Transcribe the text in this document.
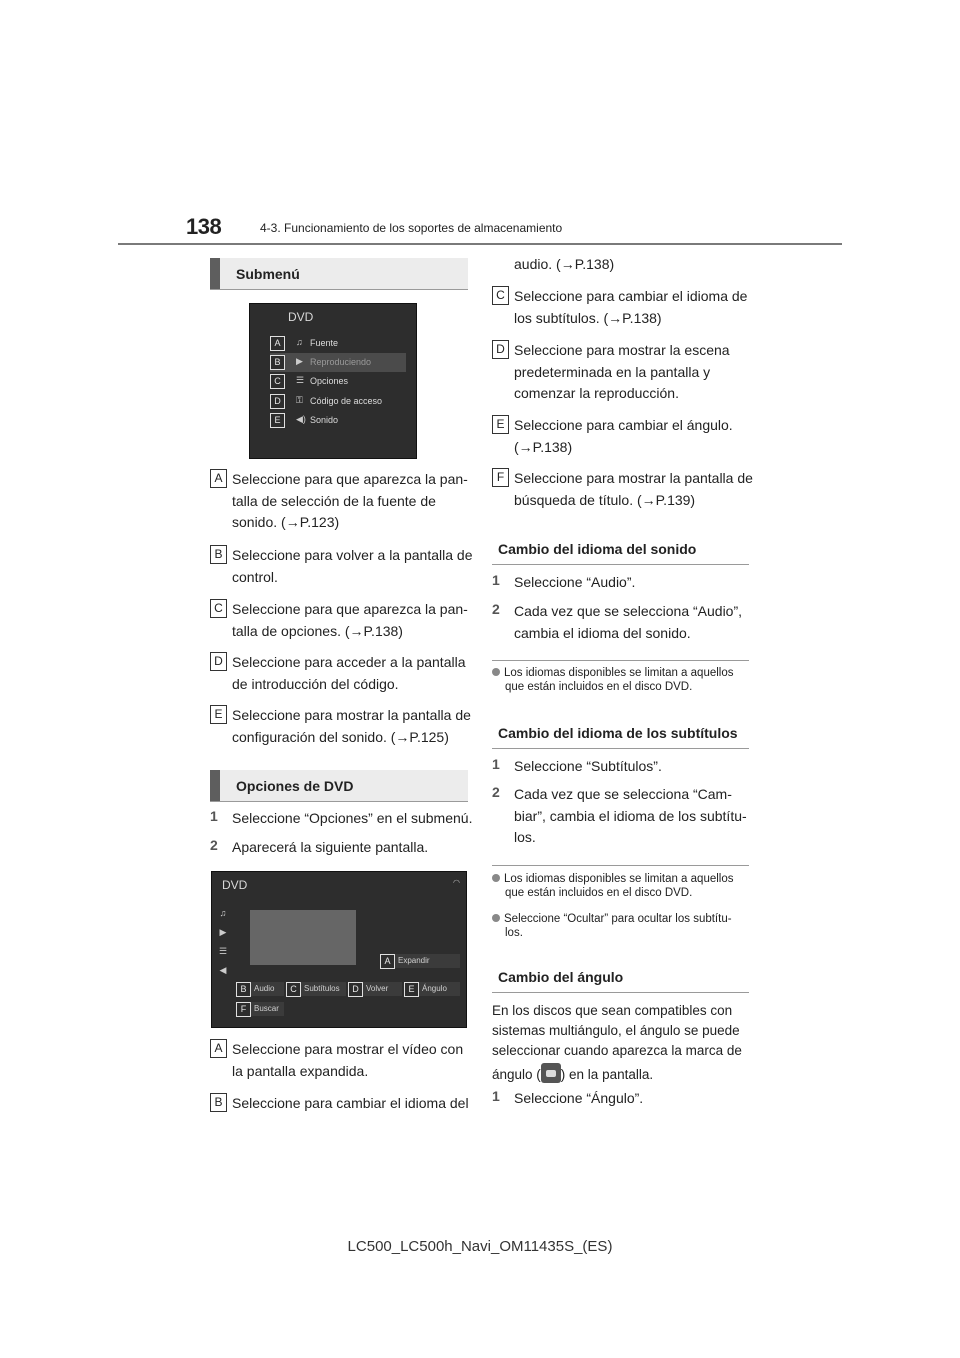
138	4-3. Funcionamiento de los soportes de almacenamiento
Submenú
DVD
A	♫ Fuente
B	▶ Reproduciendo
C	☰ Opciones
D	⚿ Código de acceso
E	◀) Sonido
A Seleccione para que aparezca la pan-
talla de selección de la fuente de
sonido. (→P.123)
B Seleccione para volver a la pantalla de
control.
C Seleccione para que aparezca la pan-
talla de opciones. (→P.138)
D Seleccione para acceder a la pantalla
de introducción del código.
E Seleccione para mostrar la pantalla de
configuración del sonido. (→P.125)
Opciones de DVD
1 Seleccione “Opciones” en el submenú.
2 Aparecerá la siguiente pantalla.
DVD	◠
♫
▶
☰
◀
A Expandir
B Audio	C Subtítulos	D Volver	E Ángulo
F Buscar
A Seleccione para mostrar el vídeo con
la pantalla expandida.
B Seleccione para cambiar el idioma del
audio. (→P.138)
C Seleccione para cambiar el idioma de
los subtítulos. (→P.138)
D Seleccione para mostrar la escena
predeterminada en la pantalla y
comenzar la reproducción.
E Seleccione para cambiar el ángulo.
(→P.138)
F Seleccione para mostrar la pantalla de
búsqueda de título. (→P.139)
Cambio del idioma del sonido
1 Seleccione “Audio”.
2 Cada vez que se selecciona “Audio”,
cambia el idioma del sonido.
Los idiomas disponibles se limitan a aquellos
que están incluidos en el disco DVD.
Cambio del idioma de los subtítulos
1 Seleccione “Subtítulos”.
2 Cada vez que se selecciona “Cam-
biar”, cambia el idioma de los subtítu-
los.
Los idiomas disponibles se limitan a aquellos
que están incluidos en el disco DVD.
Seleccione “Ocultar” para ocultar los subtítu-
los.
Cambio del ángulo
En los discos que sean compatibles con
sistemas multiángulo, el ángulo se puede
seleccionar cuando aparezca la marca de
ángulo ( ) en la pantalla.
1 Seleccione “Ángulo”.
LC500_LC500h_Navi_OM11435S_(ES)
